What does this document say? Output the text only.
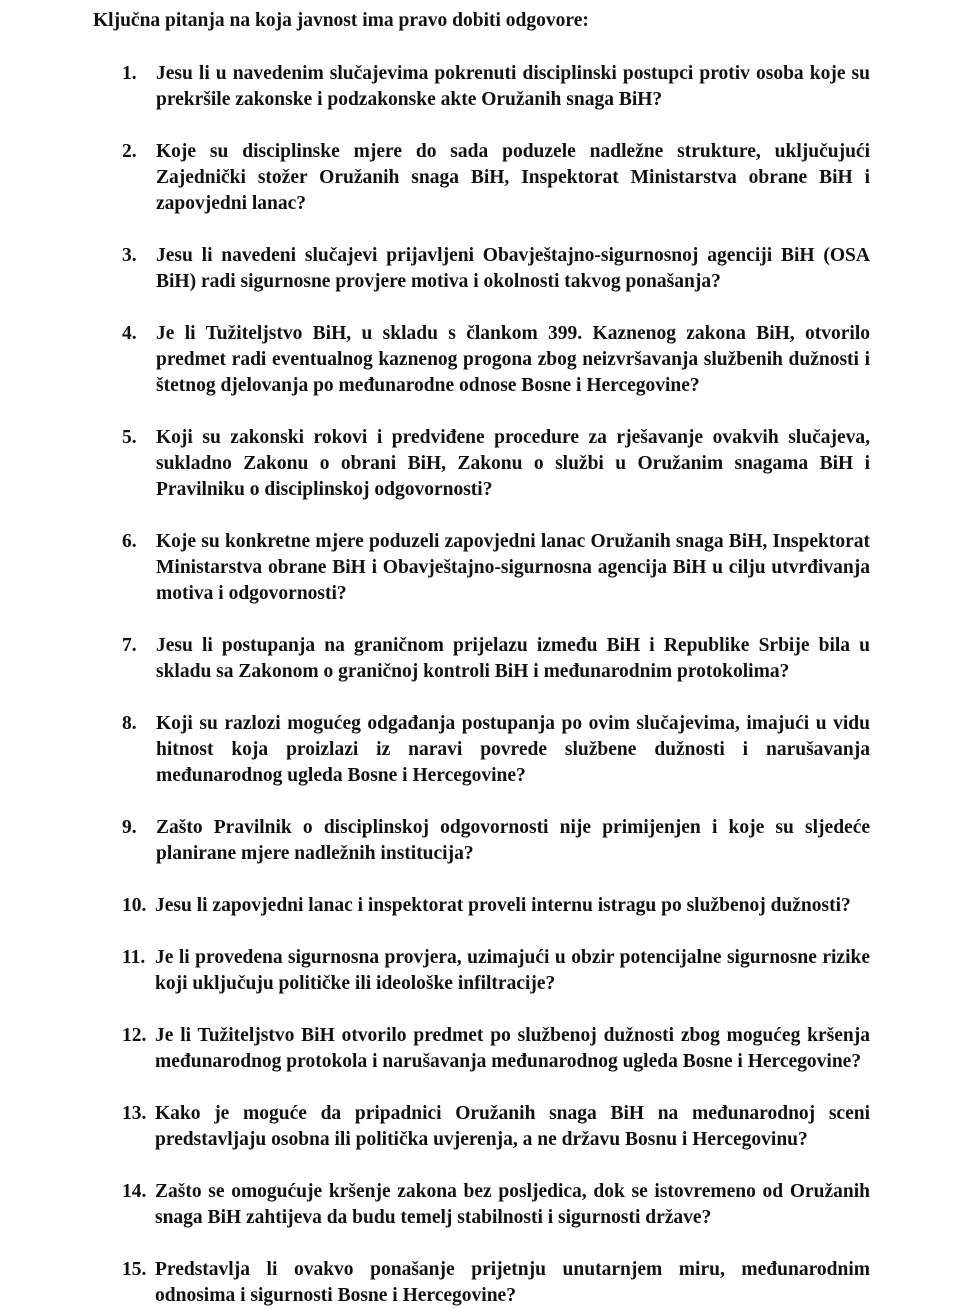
Ključna pitanja na koja javnost ima pravo dobiti odgovore:

1. Jesu li u navedenim slučajevima pokrenuti disciplinski postupci protiv osoba koje su prekršile zakonske i podzakonske akte Oružanih snaga BiH?
2. Koje su disciplinske mjere do sada poduzele nadležne strukture, uključujući Zajednički stožer Oružanih snaga BiH, Inspektorat Ministarstva obrane BiH i zapovjedni lanac?
3. Jesu li navedeni slučajevi prijavljeni Obavještajno-sigurnosnoj agenciji BiH (OSA BiH) radi sigurnosne provjere motiva i okolnosti takvog ponašanja?
4. Je li Tužiteljstvo BiH, u skladu s člankom 399. Kaznenog zakona BiH, otvorilo predmet radi eventualnog kaznenog progona zbog neizvršavanja službenih dužnosti i štetnog djelovanja po međunarodne odnose Bosne i Hercegovine?
5. Koji su zakonski rokovi i predviđene procedure za rješavanje ovakvih slučajeva, sukladno Zakonu o obrani BiH, Zakonu o službi u Oružanim snagama BiH i Pravilniku o disciplinskoj odgovornosti?
6. Koje su konkretne mjere poduzeli zapovjedni lanac Oružanih snaga BiH, Inspektorat Ministarstva obrane BiH i Obavještajno-sigurnosna agencija BiH u cilju utvrđivanja motiva i odgovornosti?
7. Jesu li postupanja na graničnom prijelazu između BiH i Republike Srbije bila u skladu sa Zakonom o graničnoj kontroli BiH i međunarodnim protokolima?
8. Koji su razlozi mogućeg odgađanja postupanja po ovim slučajevima, imajući u vidu hitnost koja proizlazi iz naravi povrede službene dužnosti i narušavanja međunarodnog ugleda Bosne i Hercegovine?
9. Zašto Pravilnik o disciplinskoj odgovornosti nije primijenjen i koje su sljedeće planirane mjere nadležnih institucija?
10. Jesu li zapovjedni lanac i inspektorat proveli internu istragu po službenoj dužnosti?
11. Je li provedena sigurnosna provjera, uzimajući u obzir potencijalne sigurnosne rizike koji uključuju političke ili ideološke infiltracije?
12. Je li Tužiteljstvo BiH otvorilo predmet po službenoj dužnosti zbog mogućeg kršenja međunarodnog protokola i narušavanja međunarodnog ugleda Bosne i Hercegovine?
13. Kako je moguće da pripadnici Oružanih snaga BiH na međunarodnoj sceni predstavljaju osobna ili politička uvjerenja, a ne državu Bosnu i Hercegovinu?
14. Zašto se omogućuje kršenje zakona bez posljedica, dok se istovremeno od Oružanih snaga BiH zahtijeva da budu temelj stabilnosti i sigurnosti države?
15. Predstavlja li ovakvo ponašanje prijetnju unutarnjem miru, međunarodnim odnosima i sigurnosti Bosne i Hercegovine?
